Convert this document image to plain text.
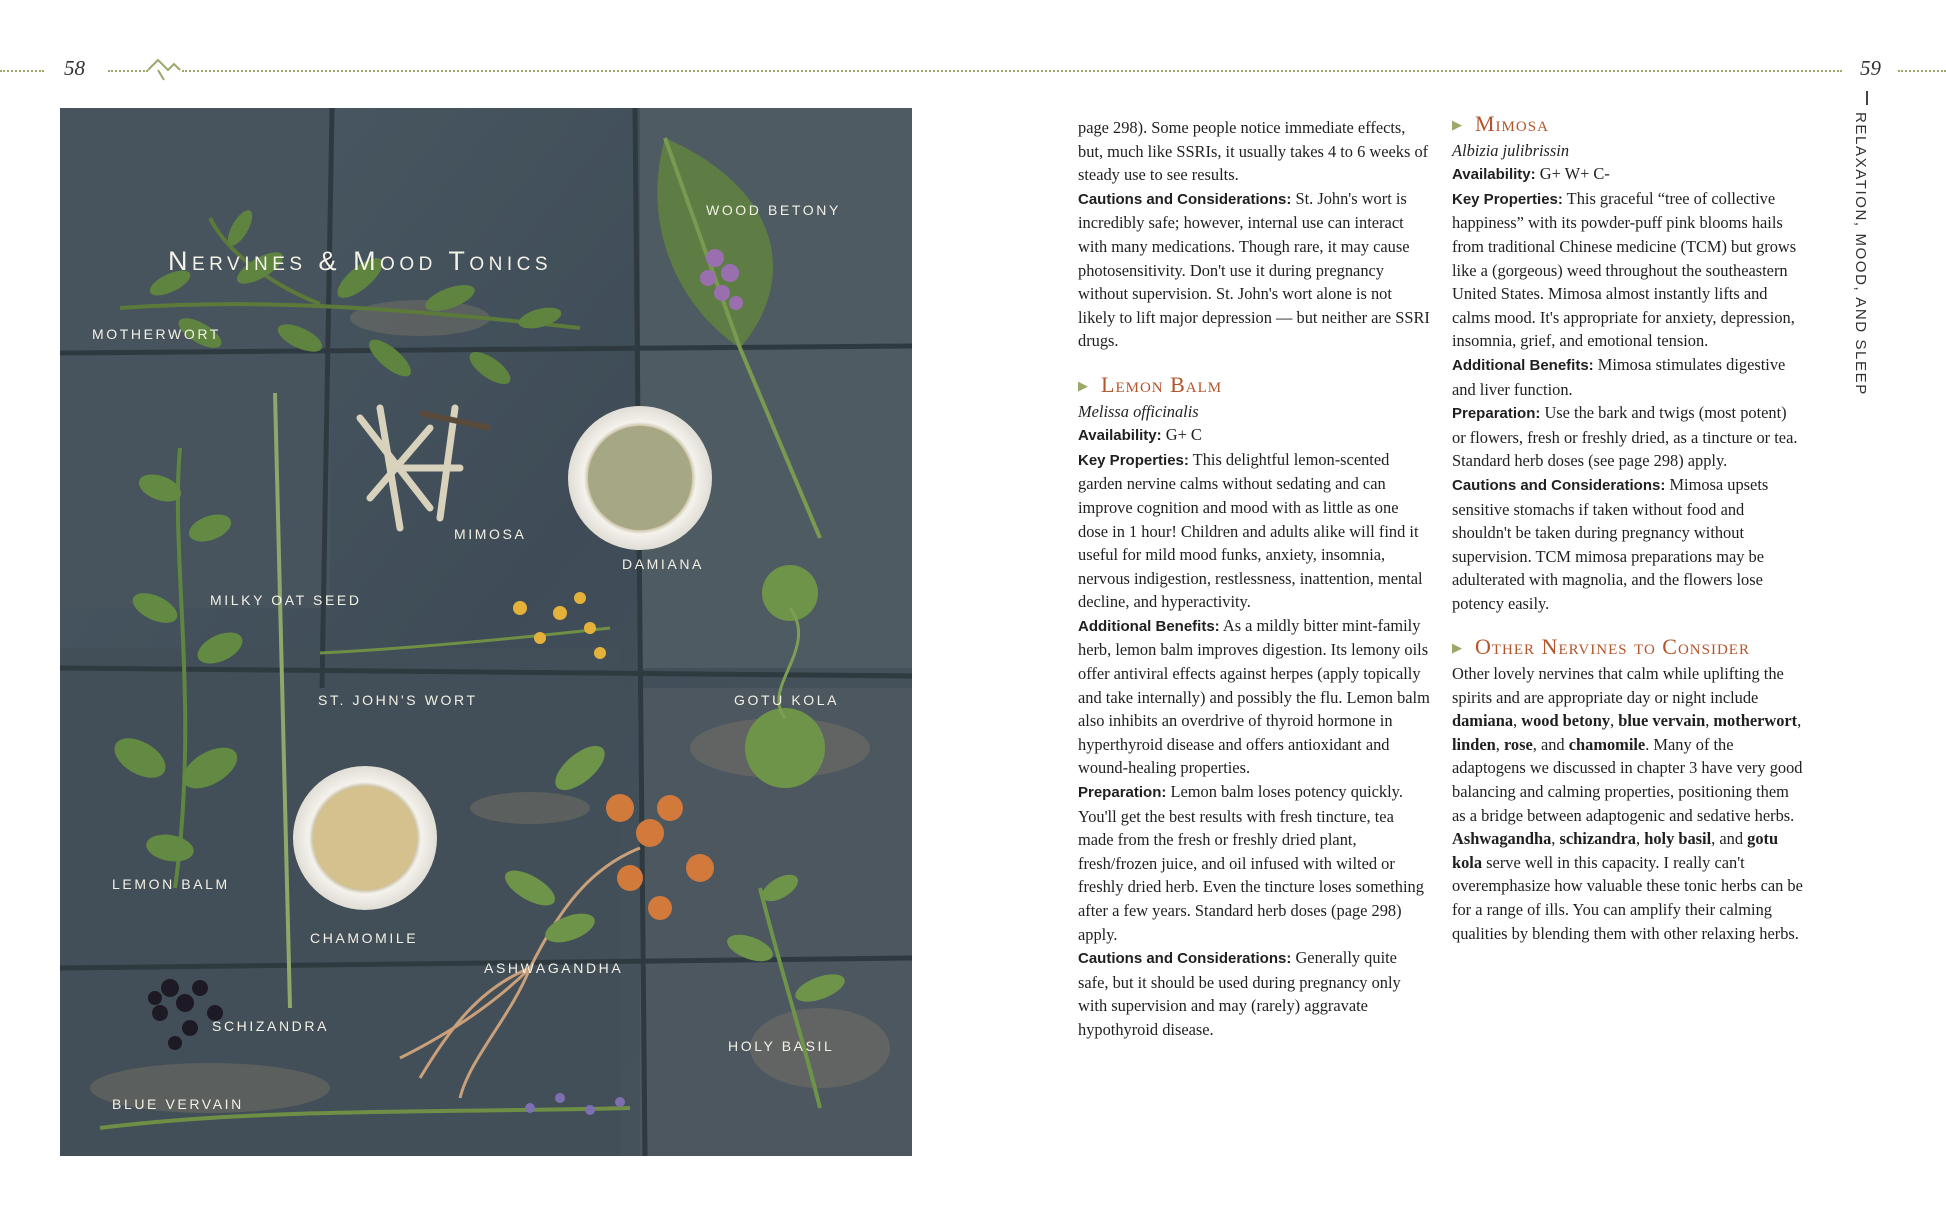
58	59
RELAXATION, MOOD, AND SLEEP
Nervines & Mood Tonics
WOOD BETONY
MOTHERWORT
MIMOSA
DAMIANA
MILKY OAT SEED
ST. JOHN'S WORT	GOTU KOLA
LEMON BALM
CHAMOMILE
ASHWAGANDHA
SCHIZANDRA
HOLY BASIL
BLUE VERVAIN

page 298). Some people notice immediate effects, but, much like SSRIs, it usually takes 4 to 6 weeks of steady use to see results.

Cautions and Considerations: St. John's wort is incredibly safe; however, internal use can interact with many medications. Though rare, it may cause photosensitivity. Don't use it during pregnancy without supervision. St. John's wort alone is not likely to lift major depression — but neither are SSRI drugs.

▶ Lemon Balm

Melissa officinalis

Availability: G+ C

Key Properties: This delightful lemon-scented garden nervine calms without sedating and can improve cognition and mood with as little as one dose in 1 hour! Children and adults alike will find it useful for mild mood funks, anxiety, insomnia, nervous indigestion, restlessness, inattention, mental decline, and hyperactivity.

Additional Benefits: As a mildly bitter mint-family herb, lemon balm improves digestion. Its lemony oils offer antiviral effects against herpes (apply topically and take internally) and possibly the flu. Lemon balm also inhibits an overdrive of thyroid hormone in hyperthyroid disease and offers antioxidant and wound-healing properties.

Preparation: Lemon balm loses potency quickly. You'll get the best results with fresh tincture, tea made from the fresh or freshly dried plant, fresh/frozen juice, and oil infused with wilted or freshly dried herb. Even the tincture loses something after a few years. Standard herb doses (page 298) apply.

Cautions and Considerations: Generally quite safe, but it should be used during pregnancy only with supervision and may (rarely) aggravate hypothyroid disease.

▶ Mimosa

Albizia julibrissin

Availability: G+ W+ C-

Key Properties: This graceful “tree of collective happiness” with its powder-puff pink blooms hails from traditional Chinese medicine (TCM) but grows like a (gorgeous) weed throughout the southeastern United States. Mimosa almost instantly lifts and calms mood. It's appropriate for anxiety, depression, insomnia, grief, and emotional tension.

Additional Benefits: Mimosa stimulates digestive and liver function.

Preparation: Use the bark and twigs (most potent) or flowers, fresh or freshly dried, as a tincture or tea. Standard herb doses (see page 298) apply.

Cautions and Considerations: Mimosa upsets sensitive stomachs if taken without food and shouldn't be taken during pregnancy without supervision. TCM mimosa preparations may be adulterated with magnolia, and the flowers lose potency easily.

▶ Other Nervines to Consider

Other lovely nervines that calm while uplifting the spirits and are appropriate day or night include damiana, wood betony, blue vervain, motherwort, linden, rose, and chamomile. Many of the adaptogens we discussed in chapter 3 have very good balancing and calming properties, positioning them as a bridge between adaptogenic and sedative herbs. Ashwagandha, schizandra, holy basil, and gotu kola serve well in this capacity. I really can't overemphasize how valuable these tonic herbs can be for a range of ills. You can amplify their calming qualities by blending them with other relaxing herbs.
